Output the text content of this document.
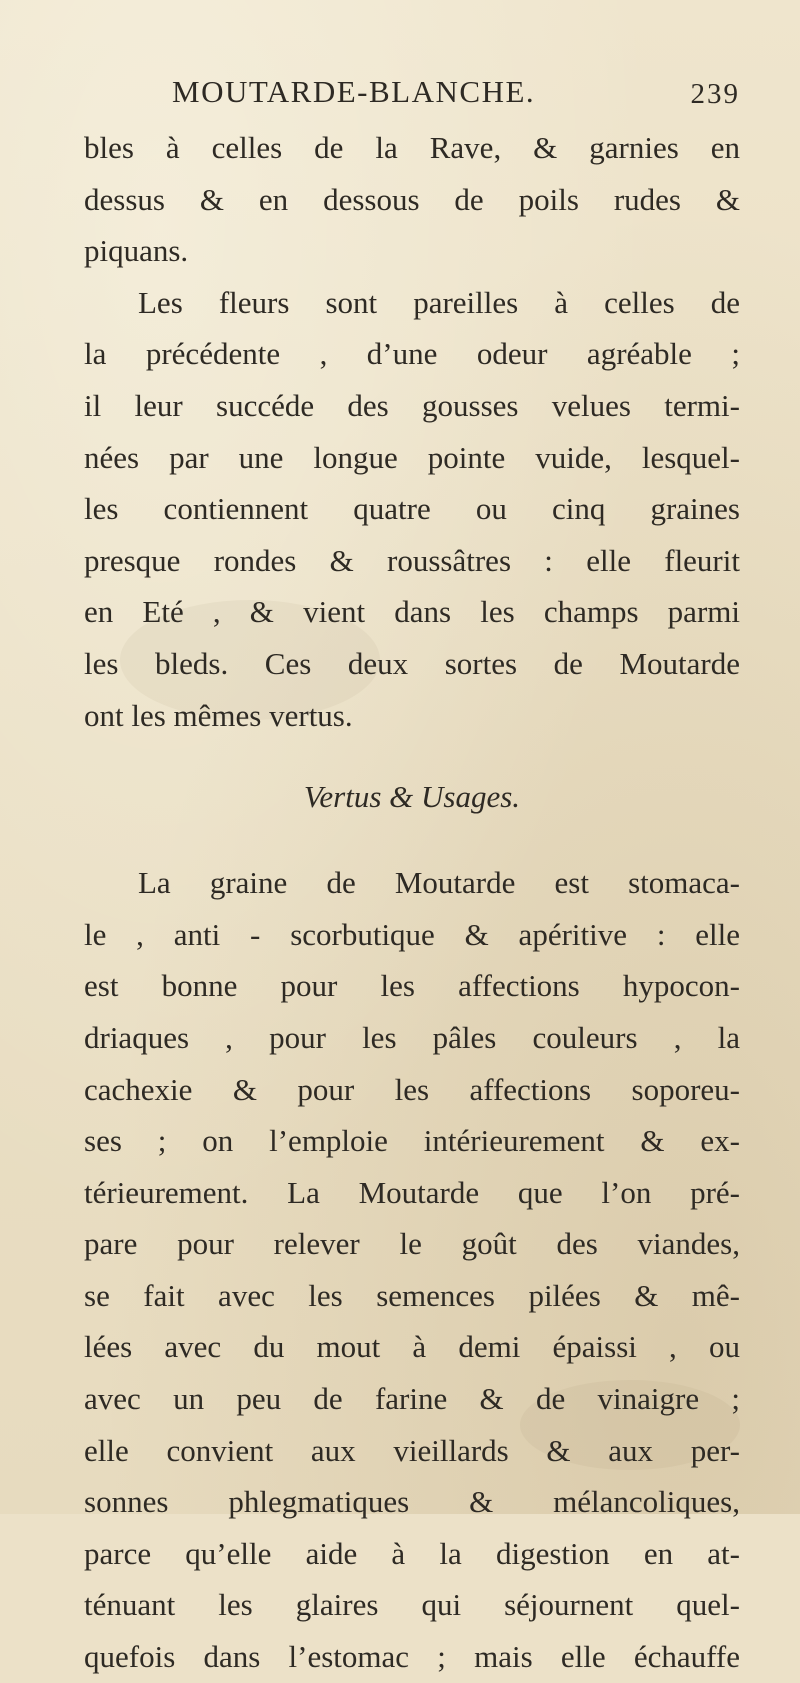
MOUTARDE-BLANCHE.	239
bles à celles de la Rave, & garnies en
dessus & en dessous de poils rudes &
piquans.
Les fleurs sont pareilles à celles de
la précédente , d’une odeur agréable ;
il leur succéde des gousses velues termi-
nées par une longue pointe vuide, lesquel-
les contiennent quatre ou cinq graines
presque rondes & roussâtres : elle fleurit
en Eté , & vient dans les champs parmi
les bleds. Ces deux sortes de Moutarde
ont les mêmes vertus.
Vertus & Usages.
La graine de Moutarde est stomaca-
le , anti - scorbutique & apéritive : elle
est bonne pour les affections hypocon-
driaques , pour les pâles couleurs , la
cachexie & pour les affections soporeu-
ses ; on l’emploie intérieurement & ex-
térieurement. La Moutarde que l’on pré-
pare pour relever le goût des viandes,
se fait avec les semences pilées & mê-
lées avec du mout à demi épaissi , ou
avec un peu de farine & de vinaigre ;
elle convient aux vieillards & aux per-
sonnes phlegmatiques & mélancoliques,
parce qu’elle aide à la digestion en at-
ténuant les glaires qui séjournent quel-
quefois dans l’estomac ; mais elle échauffe
